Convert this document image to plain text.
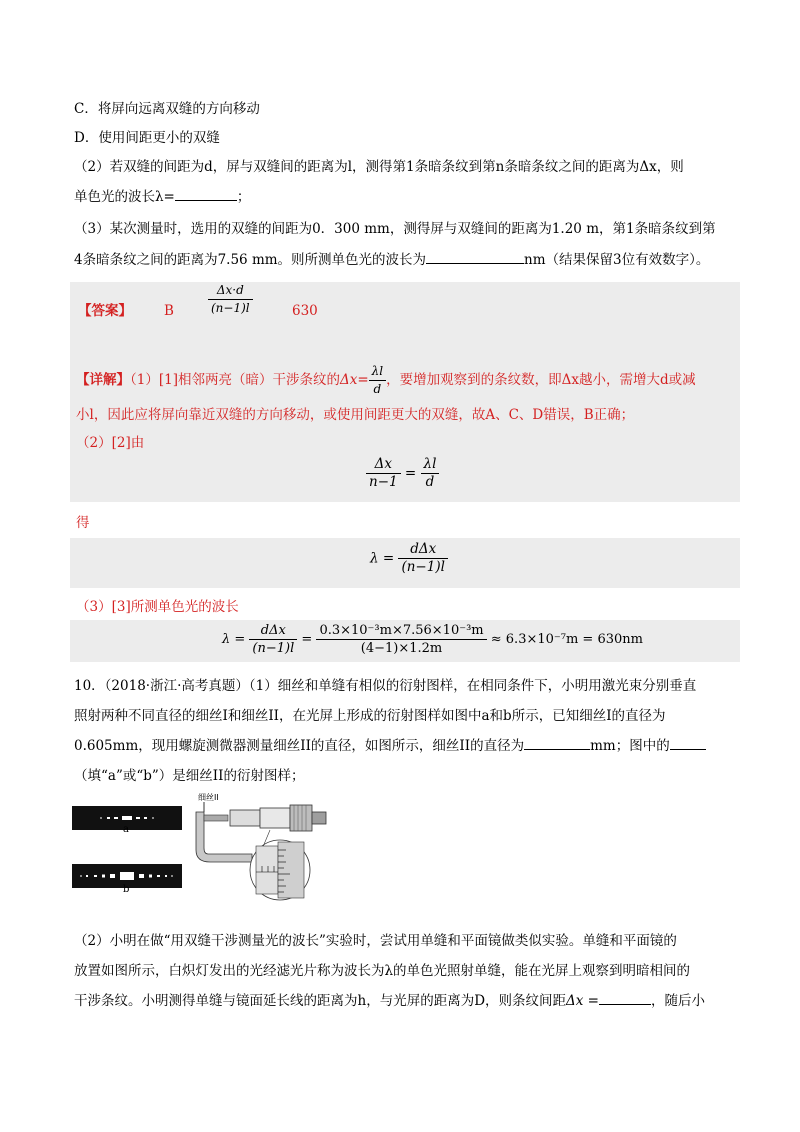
C．将屏向远离双缝的方向移动
D．使用间距更小的双缝
（2）若双缝的间距为d，屏与双缝间的距离为l，测得第1条暗条纹到第n条暗条纹之间的距离为Δx，则
单色光的波长λ=	；
（3）某次测量时，选用的双缝的间距为0．300 mm，测得屏与双缝间的距离为1.20 m，第1条暗条纹到第
4条暗条纹之间的距离为7.56 mm。则所测单色光的波长为	nm（结果保留3位有效数字）。
【答案】 B	$\frac{\Delta x\cdot d}{(n-1)l}$	630
【详解】（1）[1]相邻两亮（暗）干涉条纹的$\Delta x= \frac{\lambda l}{d}$ ，要增加观察到的条纹数，即Δx越小，需增大d或减
小l，因此应将屏向靠近双缝的方向移动，或使用间距更大的双缝，故A、C、D错误，B正确；
（2）[2]由
$\frac{\Delta x}{n-1} = \frac{\lambda l}{d}$
得
$\lambda = \frac{\text{dΔx}}{(n-1)l}$
（3）[3]所测单色光的波长
$\lambda = \frac{\text{dΔx}}{(n-1)l} = \frac{\text{0.3×10⁻³m×7.56×10⁻³m}}{(4-1)\times 1.2m} \approx 6.3\times 10^{-7}m = 630nm$
10．（2018·浙江·高考真题）（1）细丝和单缝有相似的衍射图样，在相同条件下，小明用激光束分别垂直
照射两种不同直径的细丝I和细丝II，在光屏上形成的衍射图样如图中a和b所示，已知细丝I的直径为
0.605mm，现用螺旋测微器测量细丝II的直径，如图所示，细丝II的直径为	mm；图中的
（填“a”或“b”）是细丝II的衍射图样；
a
b
细丝II
（2）小明在做“用双缝干涉测量光的波长”实验时，尝试用单缝和平面镜做类似实验。单缝和平面镜的
放置如图所示，白炽灯发出的光经滤光片称为波长为λ的单色光照射单缝，能在光屏上观察到明暗相间的
干涉条纹。小明测得单缝与镜面延长线的距离为h，与光屏的距离为D，则条纹间距Δx =	，随后小
